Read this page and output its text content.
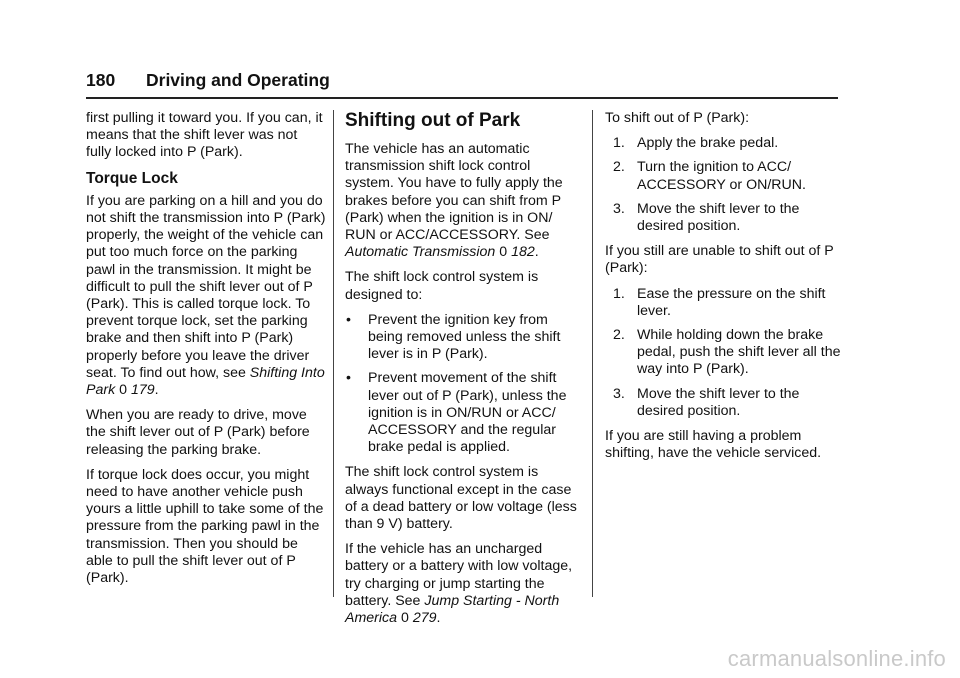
180 Driving and Operating

first pulling it toward you. If you can, it means that the shift lever was not fully locked into P (Park).

Torque Lock

If you are parking on a hill and you do not shift the transmission into P (Park) properly, the weight of the vehicle can put too much force on the parking pawl in the transmission. It might be difficult to pull the shift lever out of P (Park). This is called torque lock. To prevent torque lock, set the parking brake and then shift into P (Park) properly before you leave the driver seat. To find out how, see Shifting Into Park 0 179.

When you are ready to drive, move the shift lever out of P (Park) before releasing the parking brake.

If torque lock does occur, you might need to have another vehicle push yours a little uphill to take some of the pressure from the parking pawl in the transmission. Then you should be able to pull the shift lever out of P (Park).

Shifting out of Park

The vehicle has an automatic transmission shift lock control system. You have to fully apply the brakes before you can shift from P (Park) when the ignition is in ON/ RUN or ACC/ACCESSORY. See Automatic Transmission 0 182.

The shift lock control system is designed to:

• Prevent the ignition key from being removed unless the shift lever is in P (Park).
• Prevent movement of the shift lever out of P (Park), unless the ignition is in ON/RUN or ACC/ ACCESSORY and the regular brake pedal is applied.

The shift lock control system is always functional except in the case of a dead battery or low voltage (less than 9 V) battery.

If the vehicle has an uncharged battery or a battery with low voltage, try charging or jump starting the battery. See Jump Starting - North America 0 279.

To shift out of P (Park):

1. Apply the brake pedal.
2. Turn the ignition to ACC/ ACCESSORY or ON/RUN.
3. Move the shift lever to the desired position.

If you still are unable to shift out of P (Park):

1. Ease the pressure on the shift lever.
2. While holding down the brake pedal, push the shift lever all the way into P (Park).
3. Move the shift lever to the desired position.

If you are still having a problem shifting, have the vehicle serviced.

carmanualsonline.info
